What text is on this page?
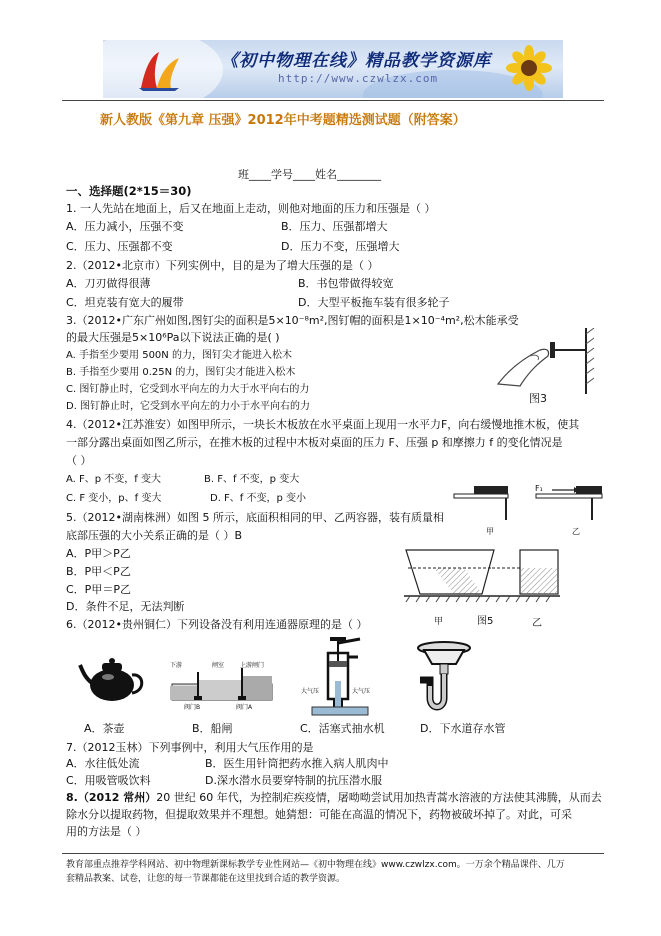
《初中物理在线》精品教学资源库
http://www.czwlzx.com
新人教版《第九章 压强》2012年中考题精选测试题（附答案）
班____学号____姓名________
一、选择题(2*15＝30)
1. 一人先站在地面上，后又在地面上走动，则他对地面的压力和压强是（ ）
A．压力减小，压强不变	B．压力、压强都增大
C．压力、压强都不变	D．压力不变，压强增大
2.（2012•北京市）下列实例中，目的是为了增大压强的是（ ）
A．刀刃做得很薄	B．书包带做得较宽
C．坦克装有宽大的履带	D．大型平板拖车装有很多轮子
3.（2012•广东广州如图,图钉尖的面积是5×10⁻⁸m²,图钉帽的面积是1×10⁻⁴m²,松木能承受
的最大压强是5×10⁶Pa以下说法正确的是( )
A. 手指至少要用 500N 的力，图钉尖才能进入松木
B. 手指至少要用 0.25N 的力，图钉尖才能进入松木
C. 图钉静止时，它受到水平向左的力大于水平向右的力
D. 图钉静止时，它受到水平向左的力小于水平向右的力
图3
4.（2012•江苏淮安）如图甲所示，一块长木板放在水平桌面上现用一水平力F，向右缓慢地推木板，使其
一部分露出桌面如图乙所示，在推木板的过程中木板对桌面的压力 F、压强 p 和摩擦力 f 的变化情况是
（ ）
A. F、p 不变，f 变大	B. F、f 不变，p 变大
C. F 变小，p、f 变大	D. F、f 不变，p 变小
F₁
甲	乙
5.（2012•湖南株洲）如图 5 所示，底面积相同的甲、乙两容器，装有质量相
底部压强的大小关系正确的是（ ）B
A．P甲＞P乙
B．P甲＜P乙
C．P甲＝P乙
D．条件不足，无法判断
甲	图5	乙
6.（2012•贵州铜仁）下列设备没有利用连通器原理的是（ ）
下游
阀门B
闸室	上游闸门
阀门A
大气压	大气压
A．茶壶	B．船闸	C．活塞式抽水机	D．下水道存水管
7.（2012玉林）下列事例中，利用大气压作用的是
A．水往低处流	B．医生用针筒把药水推入病人肌肉中
C．用吸管吸饮料	D.深水潜水员要穿特制的抗压潜水服
8.（2012 常州）20 世纪 60 年代，为控制疟疾疫情，屠呦呦尝试用加热青蒿水溶液的方法使其沸腾，从而去
除水分以提取药物，但提取效果并不理想。她猜想：可能在高温的情况下，药物被破坏掉了。对此，可采
用的方法是（ ）
教育部重点推荐学科网站、初中物理新课标教学专业性网站—《初中物理在线》www.czwlzx.com。一万余个精品课件、几万
套精品教案、试卷，让您的每一节课都能在这里找到合适的教学资源。
